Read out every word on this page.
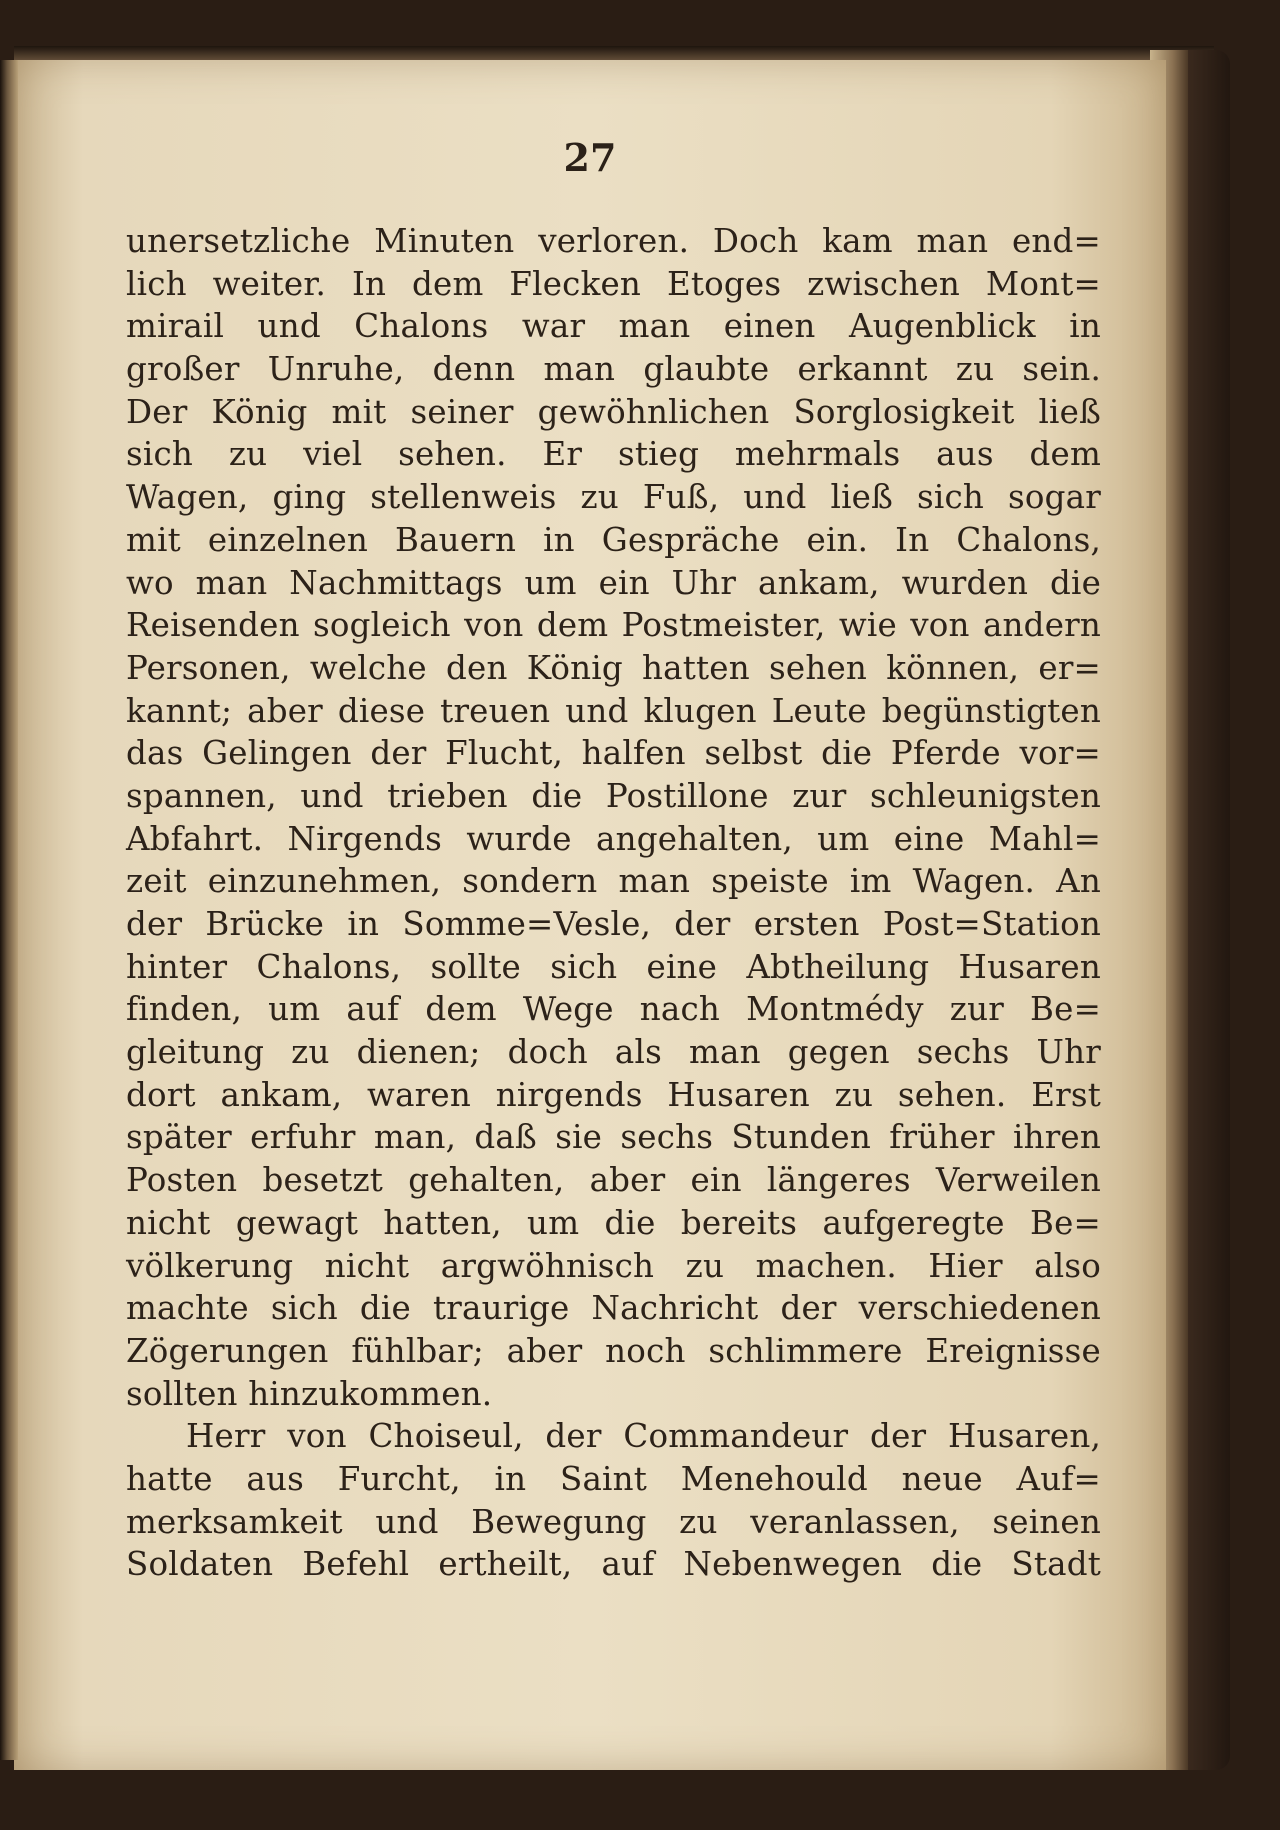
27
unersetzliche Minuten verloren. Doch kam man end=
lich weiter. In dem Flecken Etoges zwischen Mont=
mirail und Chalons war man einen Augenblick in
großer Unruhe, denn man glaubte erkannt zu sein.
Der König mit seiner gewöhnlichen Sorglosigkeit ließ
sich zu viel sehen. Er stieg mehrmals aus dem
Wagen, ging stellenweis zu Fuß, und ließ sich sogar
mit einzelnen Bauern in Gespräche ein. In Chalons,
wo man Nachmittags um ein Uhr ankam, wurden die
Reisenden sogleich von dem Postmeister, wie von andern
Personen, welche den König hatten sehen können, er=
kannt; aber diese treuen und klugen Leute begünstigten
das Gelingen der Flucht, halfen selbst die Pferde vor=
spannen, und trieben die Postillone zur schleunigsten
Abfahrt. Nirgends wurde angehalten, um eine Mahl=
zeit einzunehmen, sondern man speiste im Wagen. An
der Brücke in Somme=Vesle, der ersten Post=Station
hinter Chalons, sollte sich eine Abtheilung Husaren
finden, um auf dem Wege nach Montmédy zur Be=
gleitung zu dienen; doch als man gegen sechs Uhr
dort ankam, waren nirgends Husaren zu sehen. Erst
später erfuhr man, daß sie sechs Stunden früher ihren
Posten besetzt gehalten, aber ein längeres Verweilen
nicht gewagt hatten, um die bereits aufgeregte Be=
völkerung nicht argwöhnisch zu machen. Hier also
machte sich die traurige Nachricht der verschiedenen
Zögerungen fühlbar; aber noch schlimmere Ereignisse
sollten hinzukommen.
Herr von Choiseul, der Commandeur der Husaren,
hatte aus Furcht, in Saint Menehould neue Auf=
merksamkeit und Bewegung zu veranlassen, seinen
Soldaten Befehl ertheilt, auf Nebenwegen die Stadt
